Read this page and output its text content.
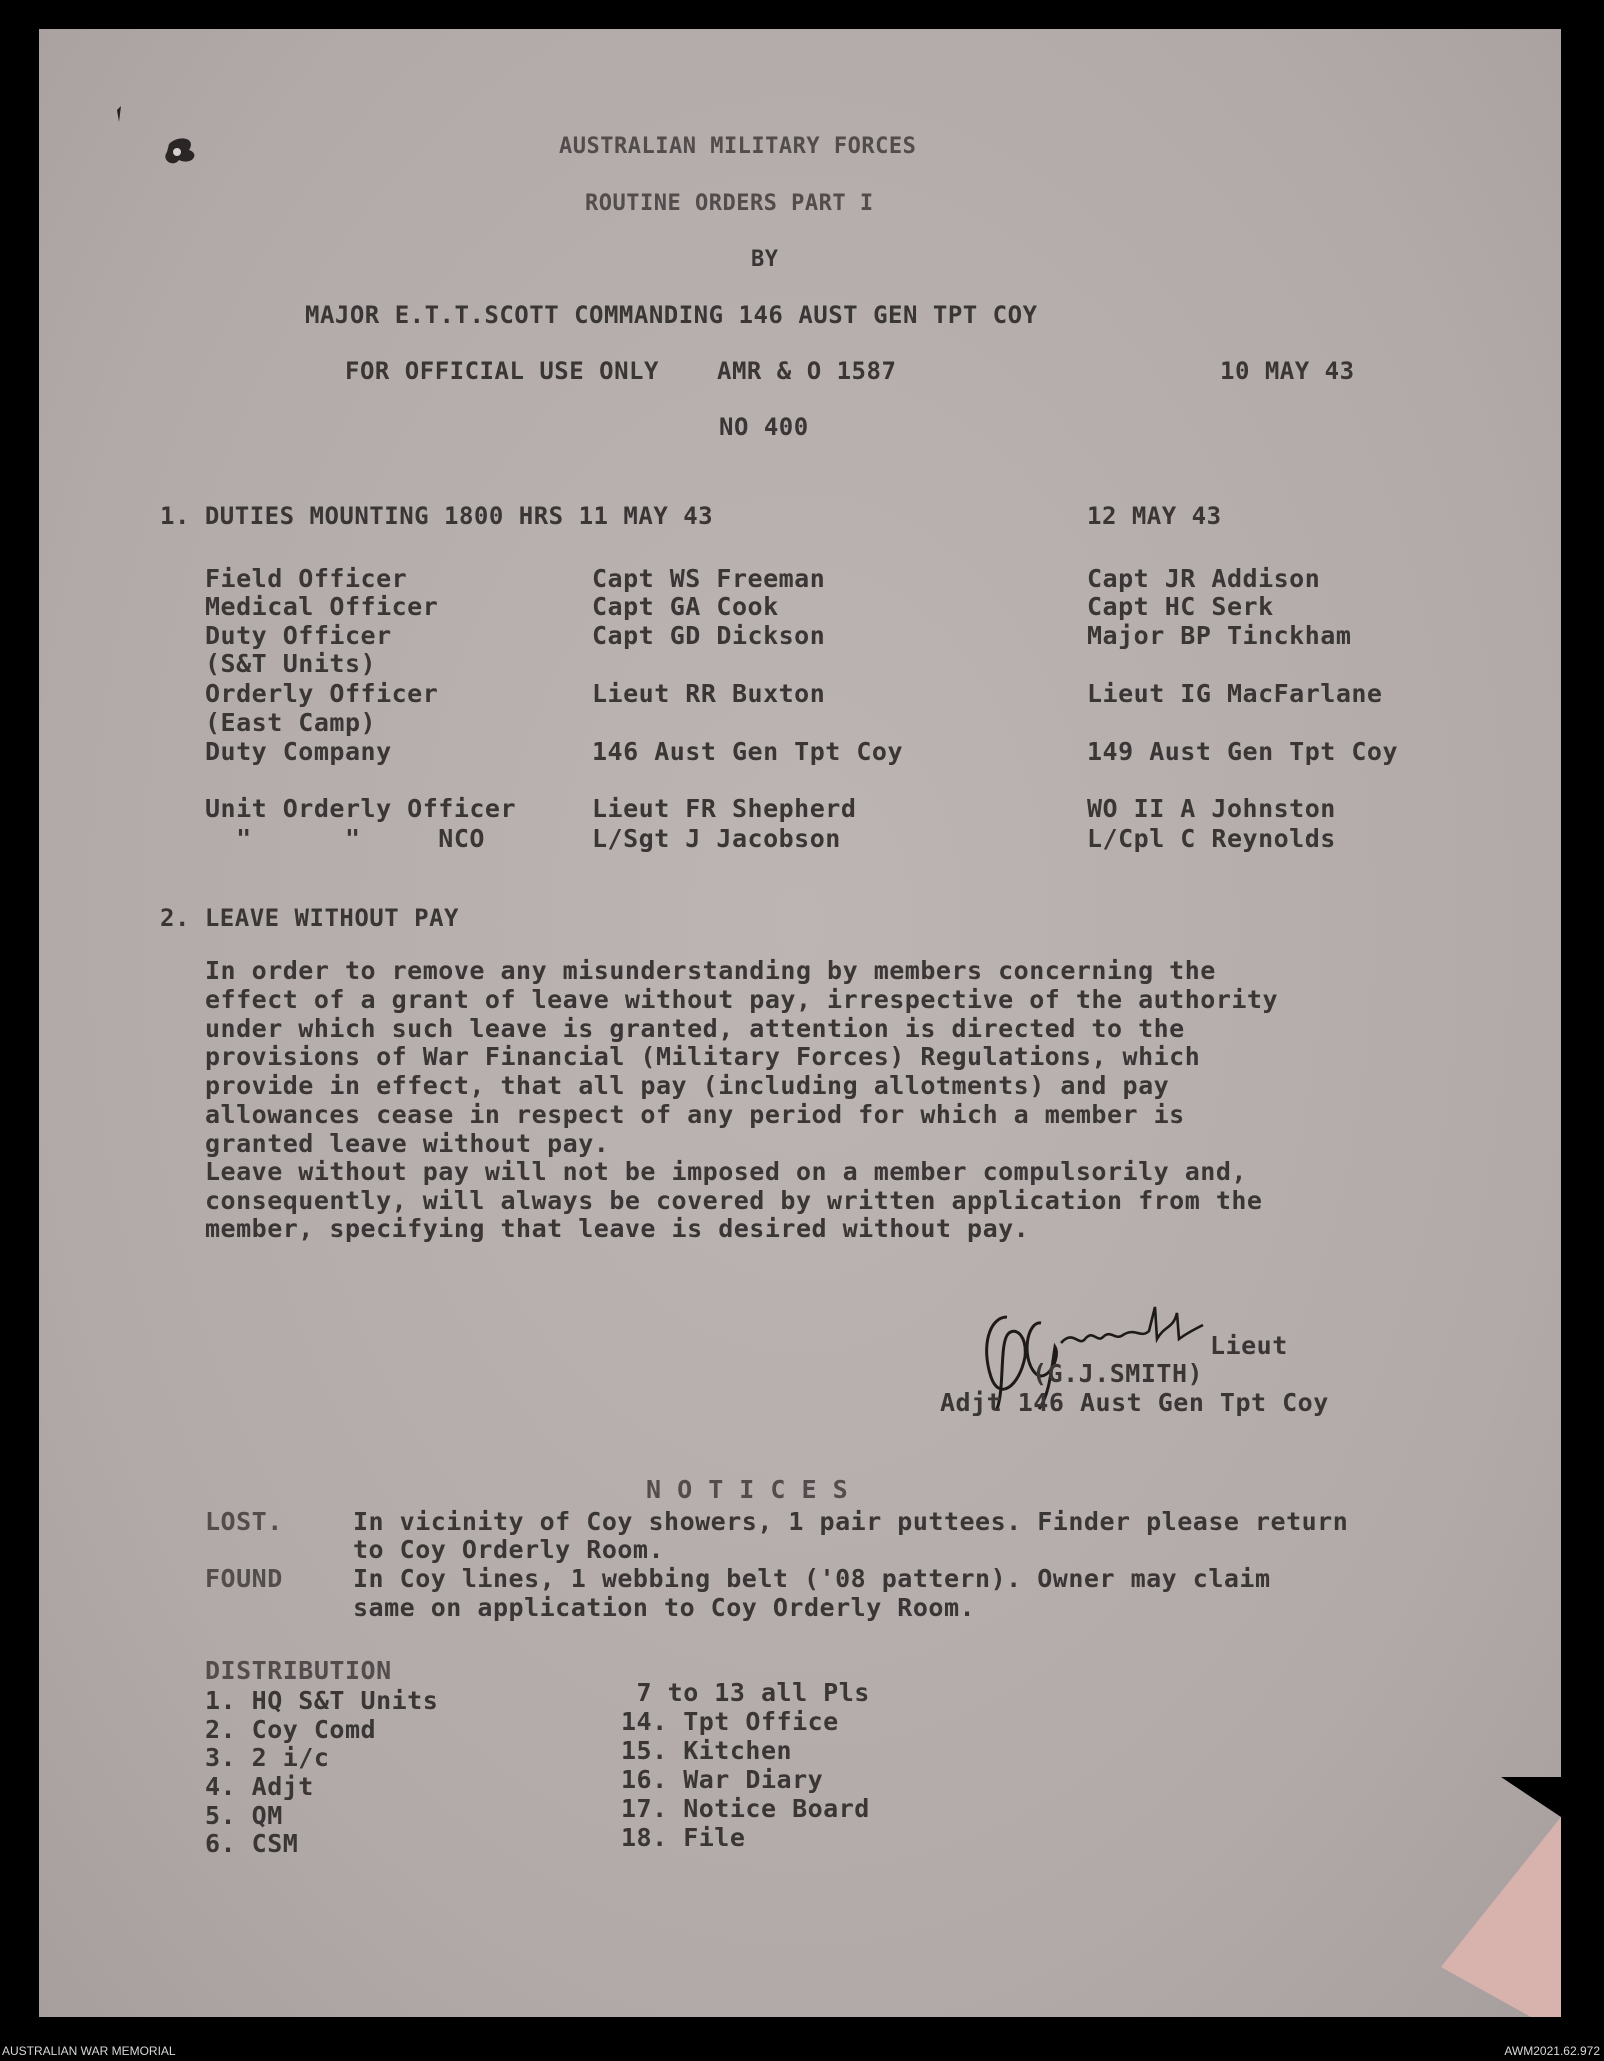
AUSTRALIAN MILITARY FORCES
ROUTINE ORDERS PART I
BY
MAJOR E.T.T.SCOTT COMMANDING 146 AUST GEN TPT COY
FOR OFFICIAL USE ONLY AMR & O 1587	10 MAY 43
NO 400
1. DUTIES MOUNTING 1800 HRS 11 MAY 43	12 MAY 43
Field Officer	Capt WS Freeman	Capt JR Addison
Medical Officer	Capt GA Cook	Capt HC Serk
Duty Officer	Capt GD Dickson	Major BP Tinckham
(S&T Units)
Orderly Officer	Lieut RR Buxton	Lieut IG MacFarlane
(East Camp)
Duty Company	146 Aust Gen Tpt Coy	149 Aust Gen Tpt Coy
Unit Orderly Officer	Lieut FR Shepherd	WO II A Johnston
"      "     NCO	L/Sgt J Jacobson	L/Cpl C Reynolds
2. LEAVE WITHOUT PAY
In order to remove any misunderstanding by members concerning the
effect of a grant of leave without pay, irrespective of the authority
under which such leave is granted, attention is directed to the
provisions of War Financial (Military Forces) Regulations, which
provide in effect, that all pay (including allotments) and pay
allowances cease in respect of any period for which a member is
granted leave without pay.
Leave without pay will not be imposed on a member compulsorily and,
consequently, will always be covered by written application from the
member, specifying that leave is desired without pay.
Lieut
(G.J.SMITH)
Adjt 146 Aust Gen Tpt Coy
N O T I C E S
LOST.	In vicinity of Coy showers, 1 pair puttees. Finder please return
to Coy Orderly Room.
FOUND	In Coy lines, 1 webbing belt ('08 pattern). Owner may claim
same on application to Coy Orderly Room.
DISTRIBUTION
1. HQ S&T Units
2. Coy Comd
3. 2 i/c
4. Adjt
5. QM
6. CSM
7 to 13 all Pls
14. Tpt Office
15. Kitchen
16. War Diary
17. Notice Board
18. File
AUSTRALIAN WAR MEMORIAL	AWM2021.62.972
